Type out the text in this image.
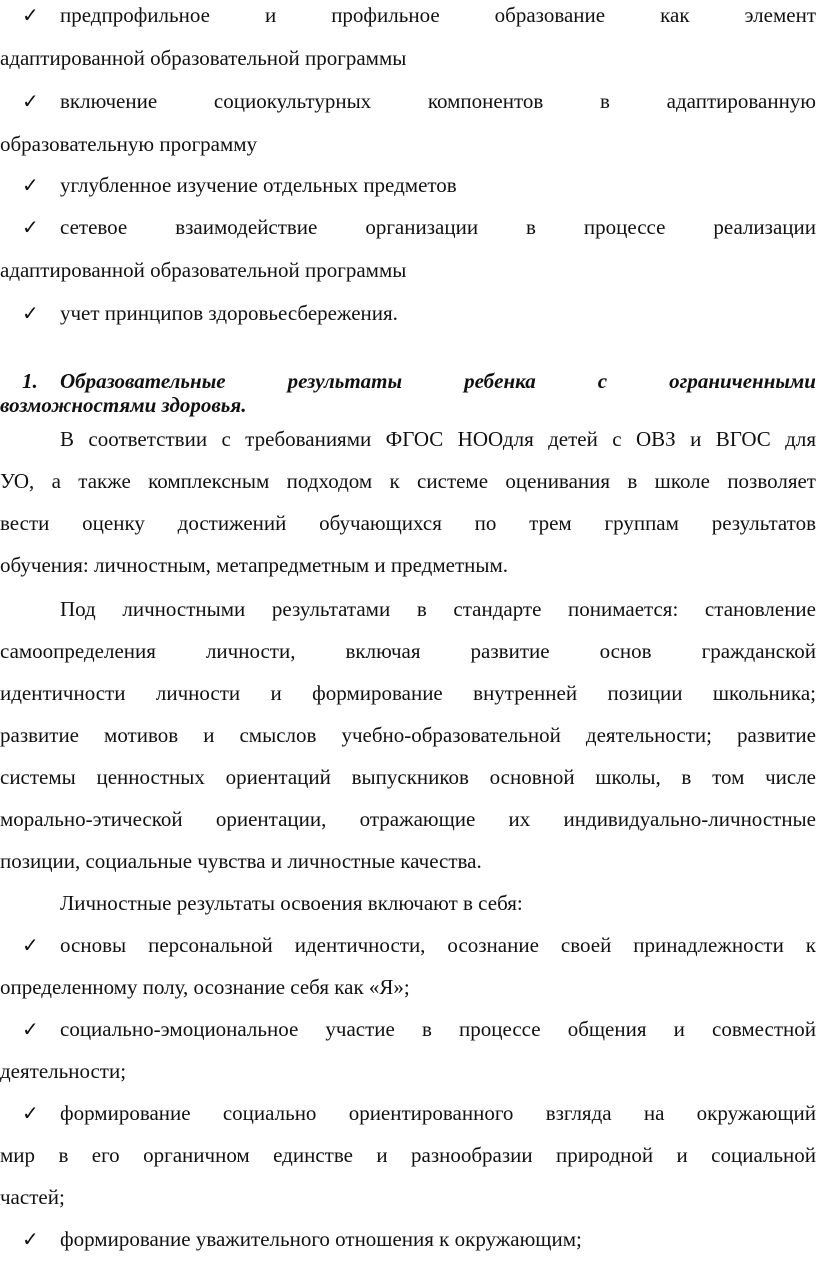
✓	предпрофильное и профильное образование как элемент
адаптированной образовательной программы
✓	включение социокультурных компонентов в адаптированную
образовательную программу
✓	углубленное изучение отдельных предметов
✓	сетевое взаимодействие организации в процессе реализации
адаптированной образовательной программы
✓	учет принципов здоровьесбережения.
1.	Образовательные результаты ребенка с ограниченными
возможностями здоровья.
В соответствии с требованиями ФГОС НООдля детей с ОВЗ и ВГОС для
УО, а также комплексным подходом к системе оценивания в школе позволяет
вести оценку достижений обучающихся по трем группам результатов
обучения: личностным, метапредметным и предметным.
Под личностными результатами в стандарте понимается: становление
самоопределения личности, включая развитие основ гражданской
идентичности личности и формирование внутренней позиции школьника;
развитие мотивов и смыслов учебно-образовательной деятельности; развитие
системы ценностных ориентаций выпускников основной школы, в том числе
морально-этической ориентации, отражающие их индивидуально-личностные
позиции, социальные чувства и личностные качества.
Личностные результаты освоения включают в себя:
✓	основы персональной идентичности, осознание своей принадлежности к
определенному полу, осознание себя как «Я»;
✓	социально-эмоциональное участие в процессе общения и совместной
деятельности;
✓	формирование социально ориентированного взгляда на окружающий
мир в его органичном единстве и разнообразии природной и социальной
частей;
✓	формирование уважительного отношения к окружающим;
